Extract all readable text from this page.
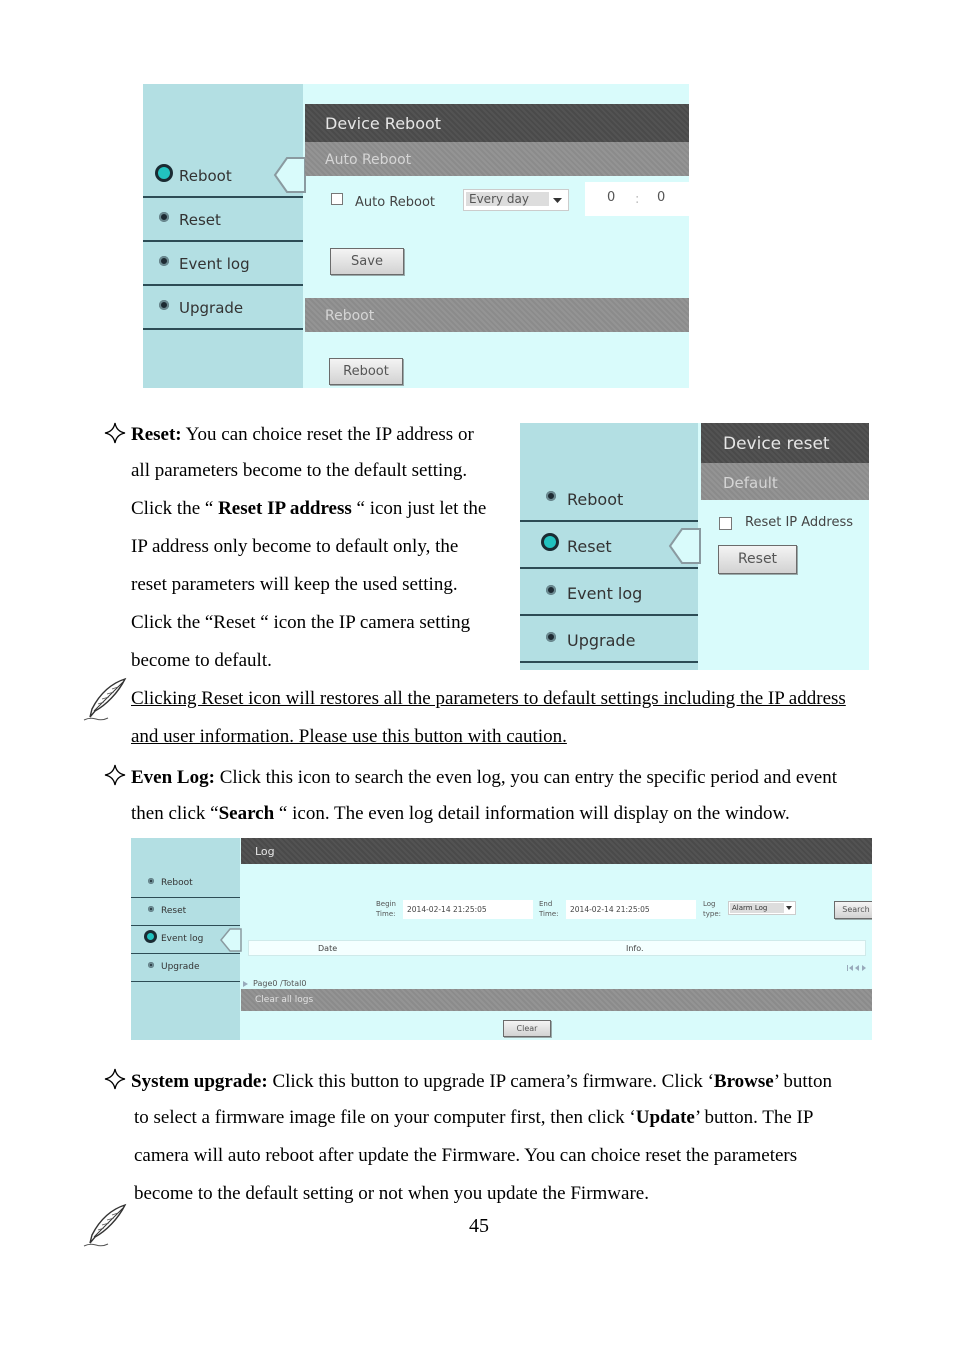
Reboot
Reset
Event log
Upgrade
Device Reboot
Auto Reboot
Auto Reboot	Every day	0 : 0
Save
Reboot
Reboot
Reset: You can choice reset the IP address or
all parameters become to the default setting.
Click the “ Reset IP address “ icon just let the
IP address only become to default only, the
reset parameters will keep the used setting.
Click the “Reset “ icon the IP camera setting
become to default.
Reboot
Reset
Event log
Upgrade
Device reset
Default
Reset IP Address
Reset
Clicking Reset icon will restores all the parameters to default settings including the IP address
and user information. Please use this button with caution.
Even Log: Click this icon to search the even log, you can entry the specific period and event
then click “Search “ icon. The even log detail information will display on the window.
Reboot
Reset
Event log
Upgrade
Log
Begin
Time: 2014-02-14 21:25:05
End
Time: 2014-02-14 21:25:05
Log
type:
Alarm Log	Search
Date	Info.
Page0 /Total0
Clear all logs
Clear
System upgrade: Click this button to upgrade IP camera’s firmware. Click ‘Browse’ button
to select a firmware image file on your computer first, then click ‘Update’ button. The IP
camera will auto reboot after update the Firmware. You can choice reset the parameters
become to the default setting or not when you update the Firmware.
45
